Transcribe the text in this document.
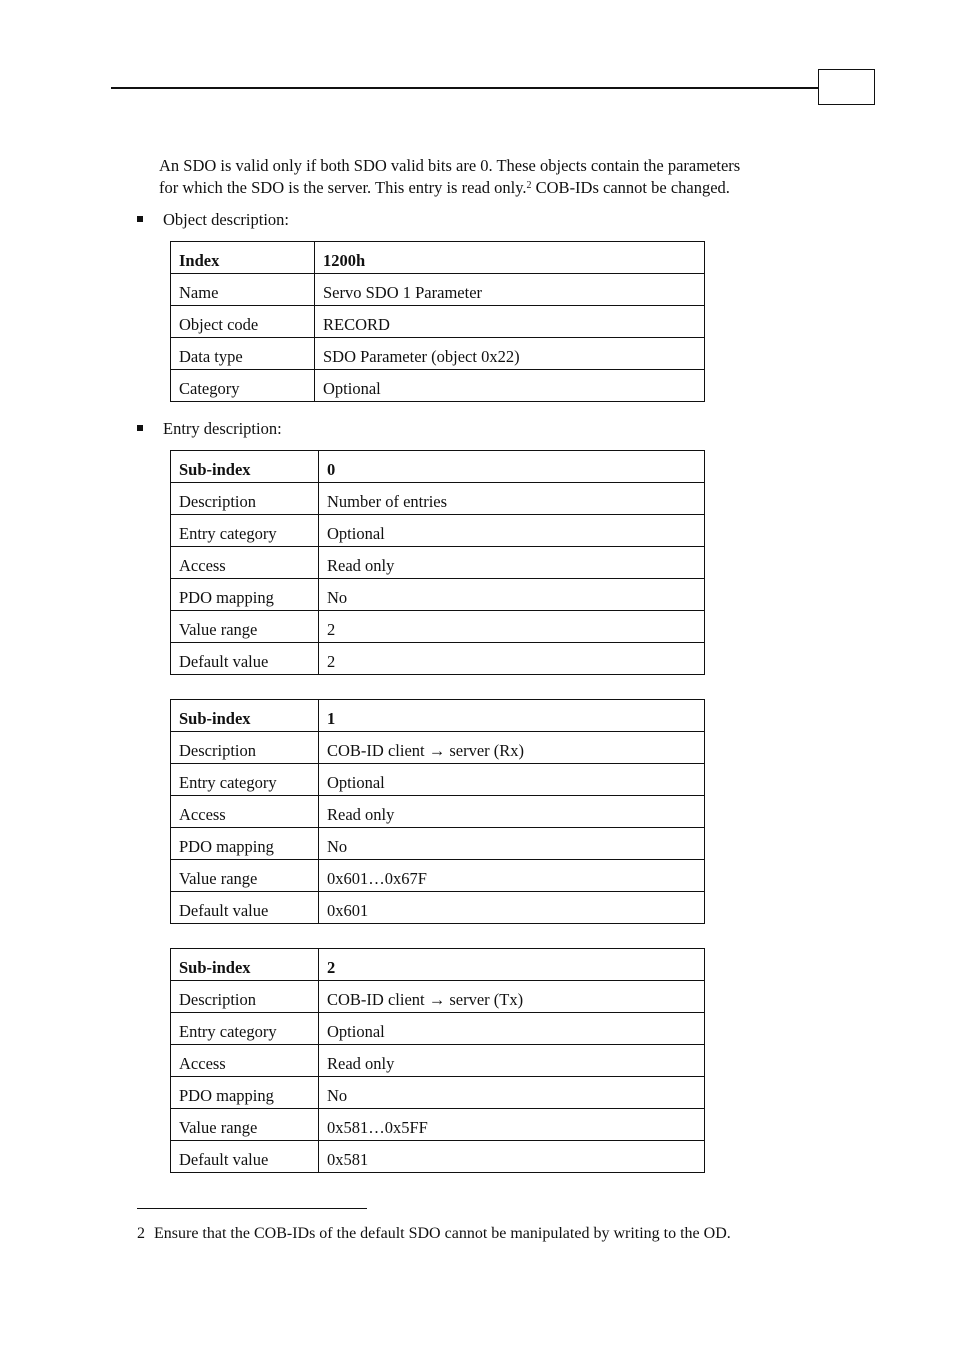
An SDO is valid only if both SDO valid bits are 0. These objects contain the parameters
for which the SDO is the server. This entry is read only.$^2$ COB-IDs cannot be changed.

Object description:
Index	1200h
Name	Servo SDO 1 Parameter
Object code	RECORD
Data type	SDO Parameter (object 0x22)
Category	Optional
Entry description:
Sub-index	0
Description	Number of entries
Entry category	Optional
Access	Read only
PDO mapping	No
Value range	2
Default value	2
Sub-index	1
Description	COB-ID client → server (Rx)
Entry category	Optional
Access	Read only
PDO mapping	No
Value range	0x601…0x67F
Default value	0x601
Sub-index	2
Description	COB-ID client → server (Tx)
Entry category	Optional
Access	Read only
PDO mapping	No
Value range	0x581…0x5FF
Default value	0x581
2 Ensure that the COB-IDs of the default SDO cannot be manipulated by writing to the OD.
